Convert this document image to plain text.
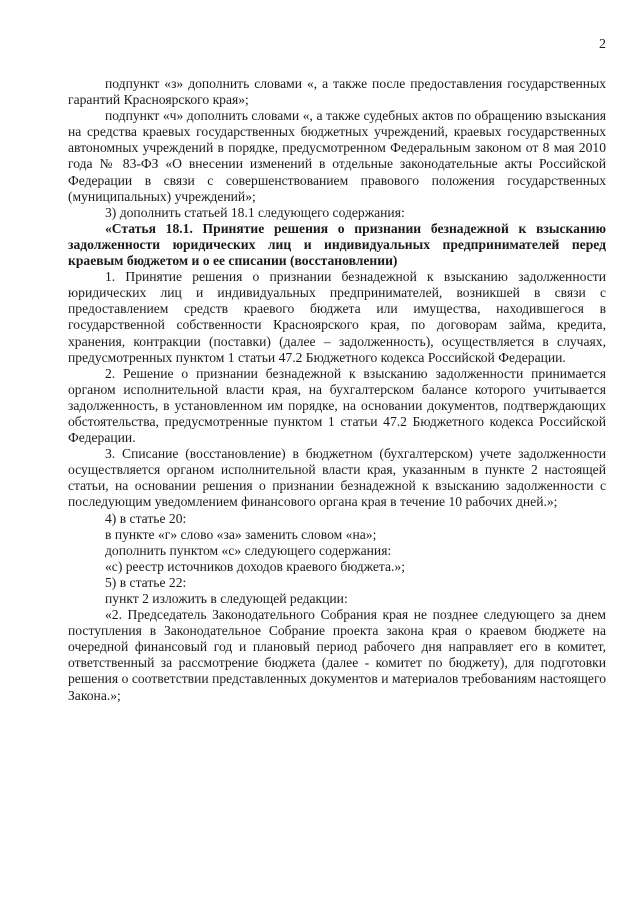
2

подпункт «з» дополнить словами «, а также после предоставления государственных гарантий Красноярского края»;

подпункт «ч» дополнить словами «, а также судебных актов по обращению взыскания на средства краевых государственных бюджетных учреждений, краевых государственных автономных учреждений в порядке, предусмотренном Федеральным законом от 8 мая 2010 года № 83-ФЗ «О внесении изменений в отдельные законодательные акты Российской Федерации в связи с совершенствованием правового положения государственных (муниципальных) учреждений»;

3) дополнить статьей 18.1 следующего содержания:

«Статья 18.1. Принятие решения о признании безнадежной к взысканию задолженности юридических лиц и индивидуальных предпринимателей перед краевым бюджетом и о ее списании (восстановлении)

1. Принятие решения о признании безнадежной к взысканию задолженности юридических лиц и индивидуальных предпринимателей, возникшей в связи с предоставлением средств краевого бюджета или имущества, находившегося в государственной собственности Красноярского края, по договорам займа, кредита, хранения, контракции (поставки) (далее – задолженность), осуществляется в случаях, предусмотренных пунктом 1 статьи 47.2 Бюджетного кодекса Российской Федерации.

2. Решение о признании безнадежной к взысканию задолженности принимается органом исполнительной власти края, на бухгалтерском балансе которого учитывается задолженность, в установленном им порядке, на основании документов, подтверждающих обстоятельства, предусмотренные пунктом 1 статьи 47.2 Бюджетного кодекса Российской Федерации.

3. Списание (восстановление) в бюджетном (бухгалтерском) учете задолженности осуществляется органом исполнительной власти края, указанным в пункте 2 настоящей статьи, на основании решения о признании безнадежной к взысканию задолженности с последующим уведомлением финансового органа края в течение 10 рабочих дней.»;

4) в статье 20:

в пункте «г» слово «за» заменить словом «на»;

дополнить пунктом «с» следующего содержания:

«с) реестр источников доходов краевого бюджета.»;

5) в статье 22:

пункт 2 изложить в следующей редакции:

«2. Председатель Законодательного Собрания края не позднее следующего за днем поступления в Законодательное Собрание проекта закона края о краевом бюджете на очередной финансовый год и плановый период рабочего дня направляет его в комитет, ответственный за рассмотрение бюджета (далее - комитет по бюджету), для подготовки решения о соответствии представленных документов и материалов требованиям настоящего Закона.»;
